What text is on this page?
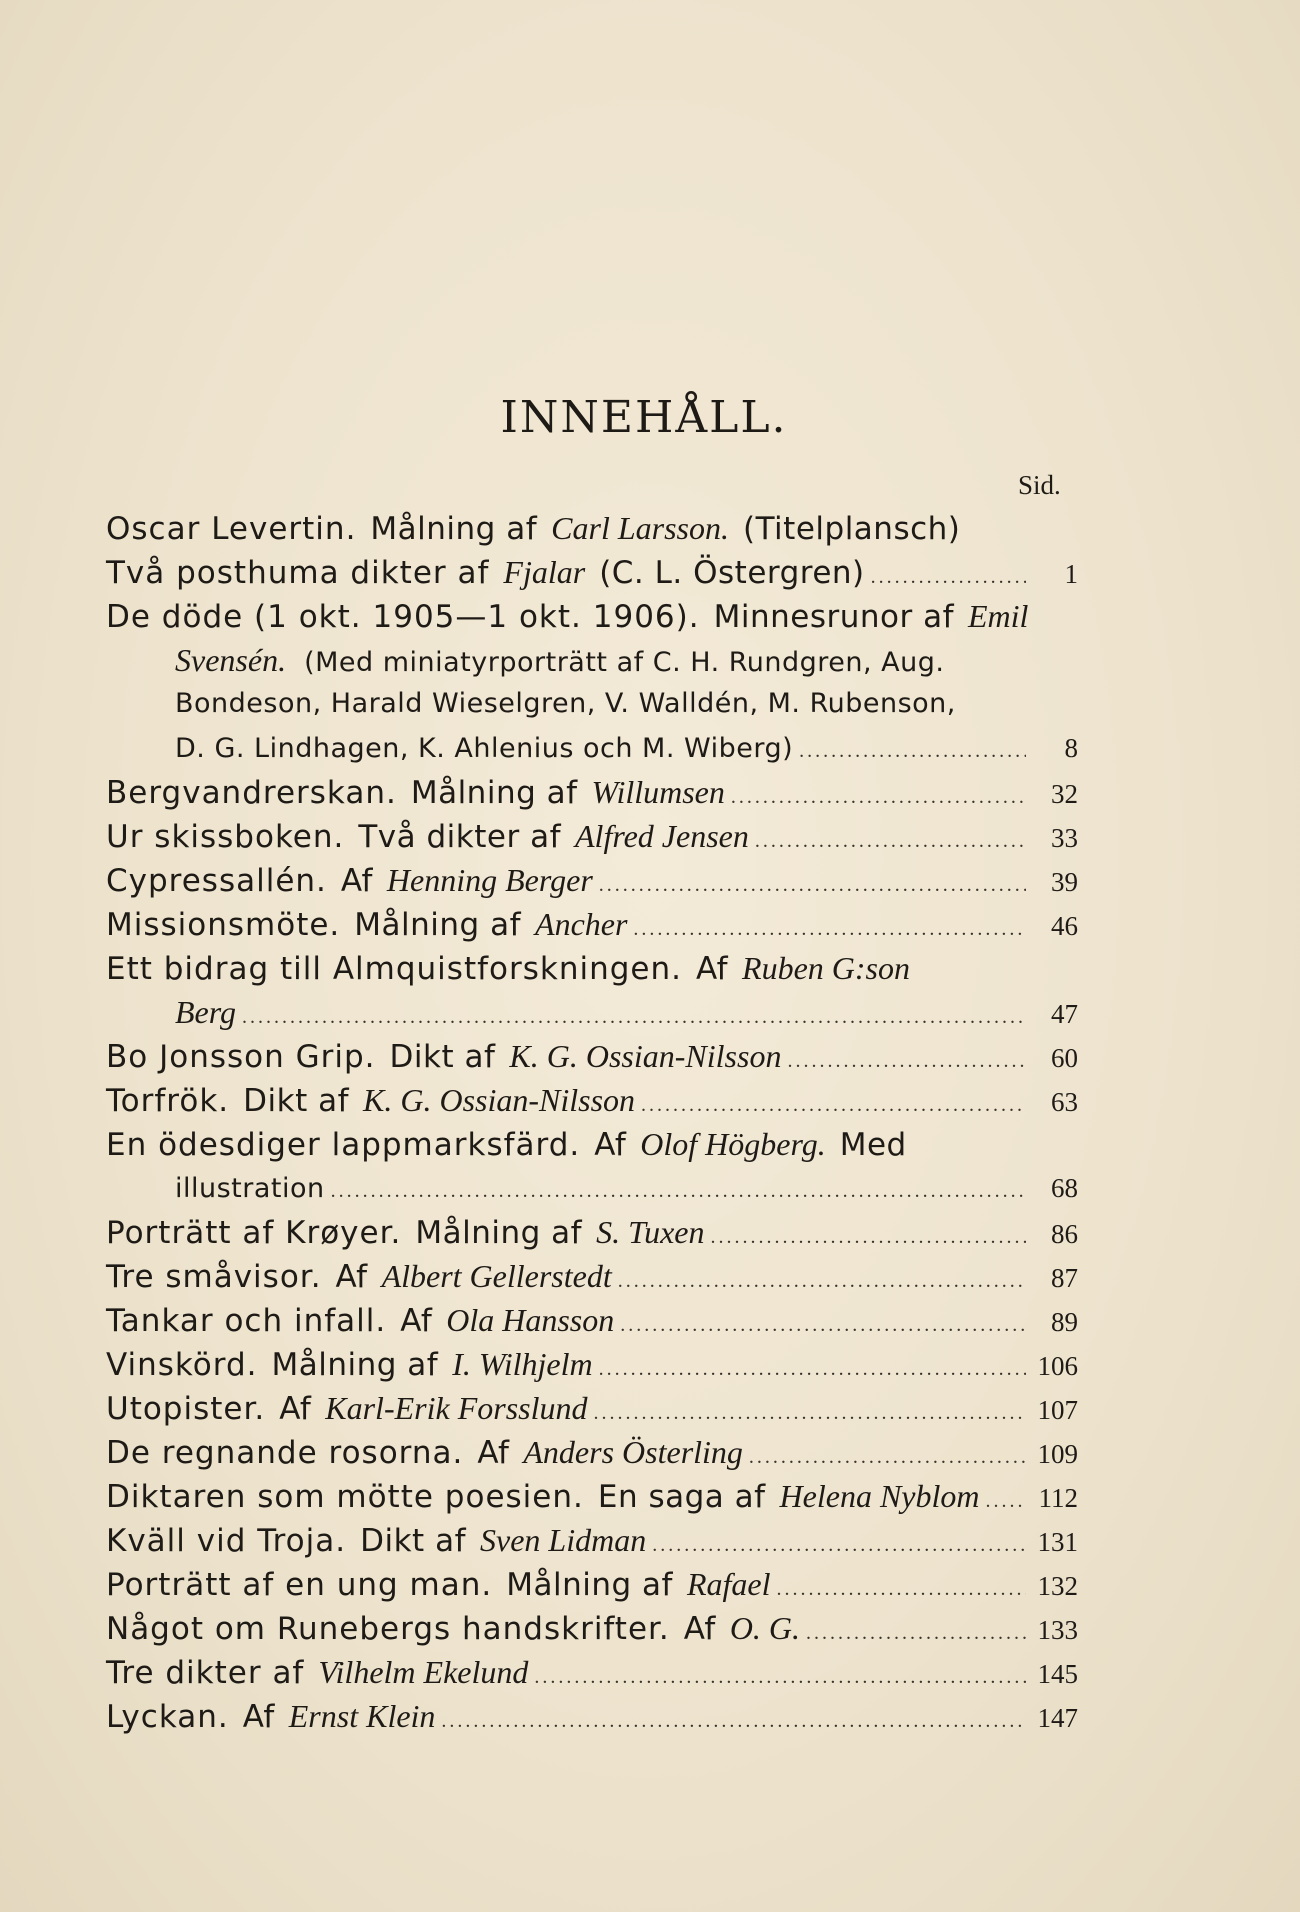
INNEHÅLL.
Sid.
Oscar Levertin. Målning af Carl Larsson. (Titelplansch)
Två posthuma dikter af Fjalar (C. L. Östergren) .....	1
De döde (1 okt. 1905—1 okt. 1906). Minnesrunor af Emil
Svensén. (Med miniatyrporträtt af C. H. Rundgren, Aug.
Bondeson, Harald Wieselgren, V. Walldén, M. Rubenson,
D. G. Lindhagen, K. Ahlenius och M. Wiberg) .....	8
Bergvandrerskan. Målning af Willumsen .....	32
Ur skissboken. Två dikter af Alfred Jensen .....	33
Cypressallén. Af Henning Berger .....	39
Missionsmöte. Målning af Ancher .....	46
Ett bidrag till Almquistforskningen. Af Ruben G:son
Berg .....	47
Bo Jonsson Grip. Dikt af K. G. Ossian-Nilsson .....	60
Torfrök. Dikt af K. G. Ossian-Nilsson .....	63
En ödesdiger lappmarksfärd. Af Olof Högberg. Med
illustration .....	68
Porträtt af Krøyer. Målning af S. Tuxen .....	86
Tre småvisor. Af Albert Gellerstedt .....	87
Tankar och infall. Af Ola Hansson .....	89
Vinskörd. Målning af I. Wilhjelm .....	106
Utopister. Af Karl-Erik Forsslund .....	107
De regnande rosorna. Af Anders Österling .....	109
Diktaren som mötte poesien. En saga af Helena Nyblom ..... 112
Kväll vid Troja. Dikt af Sven Lidman .....	131
Porträtt af en ung man. Målning af Rafael .....	132
Något om Runebergs handskrifter. Af O. G. .....	133
Tre dikter af Vilhelm Ekelund .....	145
Lyckan. Af Ernst Klein .....	147
